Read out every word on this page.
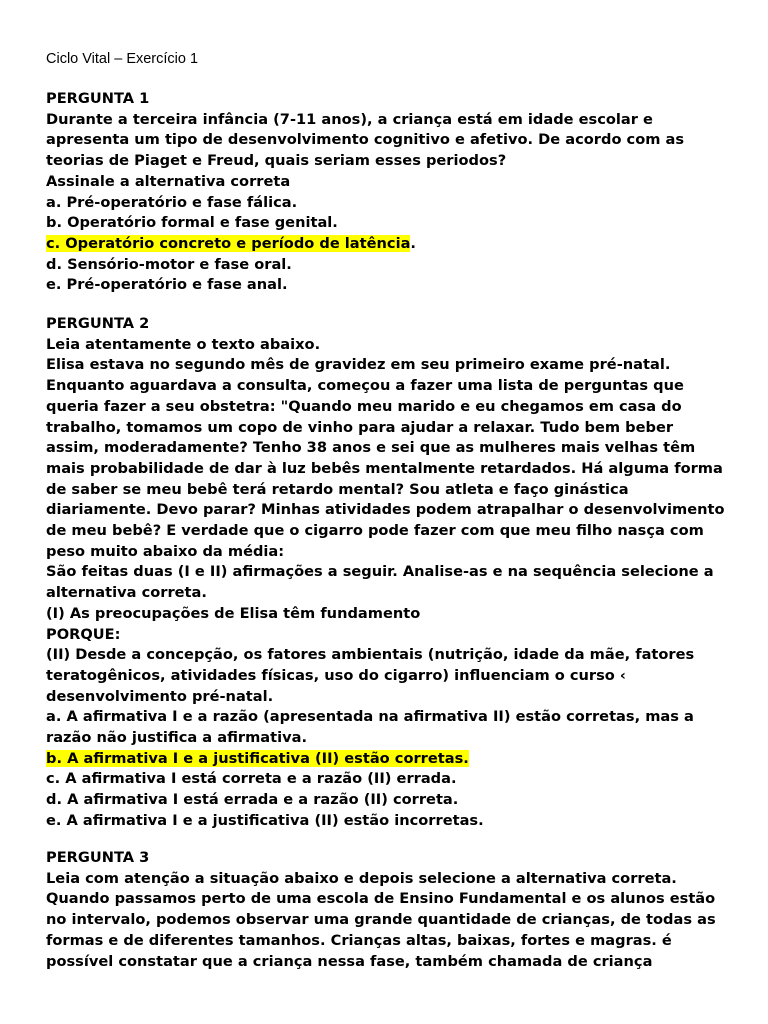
Ciclo Vital – Exercício 1
PERGUNTA 1
Durante a terceira infância (7-11 anos), a criança está em idade escolar e
apresenta um tipo de desenvolvimento cognitivo e afetivo. De acordo com as
teorias de Piaget e Freud, quais seriam esses periodos?
Assinale a alternativa correta
a. Pré-operatório e fase fálica.
b. Operatório formal e fase genital.
c. Operatório concreto e período de latência.
d. Sensório-motor e fase oral.
e. Pré-operatório e fase anal.
PERGUNTA 2
Leia atentamente o texto abaixo.
Elisa estava no segundo mês de gravidez em seu primeiro exame pré-natal.
Enquanto aguardava a consulta, começou a fazer uma lista de perguntas que
queria fazer a seu obstetra: "Quando meu marido e eu chegamos em casa do
trabalho, tomamos um copo de vinho para ajudar a relaxar. Tudo bem beber
assim, moderadamente? Tenho 38 anos e sei que as mulheres mais velhas têm
mais probabilidade de dar à luz bebês mentalmente retardados. Há alguma forma
de saber se meu bebê terá retardo mental? Sou atleta e faço ginástica
diariamente. Devo parar? Minhas atividades podem atrapalhar o desenvolvimento
de meu bebê? E verdade que o cigarro pode fazer com que meu filho nasça com
peso muito abaixo da média:
São feitas duas (I e II) afirmações a seguir. Analise-as e na sequência selecione a
alternativa correta.
(I) As preocupações de Elisa têm fundamento
PORQUE:
(II) Desde a concepção, os fatores ambientais (nutrição, idade da mãe, fatores
teratogênicos, atividades físicas, uso do cigarro) influenciam o curso ‹
desenvolvimento pré-natal.
a. A afirmativa I e a razão (apresentada na afirmativa II) estão corretas, mas a
razão não justifica a afirmativa.
b. A afirmativa I e a justificativa (II) estão corretas.
c. A afirmativa I está correta e a razão (II) errada.
d. A afirmativa I está errada e a razão (II) correta.
e. A afirmativa I e a justificativa (II) estão incorretas.
PERGUNTA 3
Leia com atenção a situação abaixo e depois selecione a alternativa correta.
Quando passamos perto de uma escola de Ensino Fundamental e os alunos estão
no intervalo, podemos observar uma grande quantidade de crianças, de todas as
formas e de diferentes tamanhos. Crianças altas, baixas, fortes e magras. é
possível constatar que a criança nessa fase, também chamada de criança
